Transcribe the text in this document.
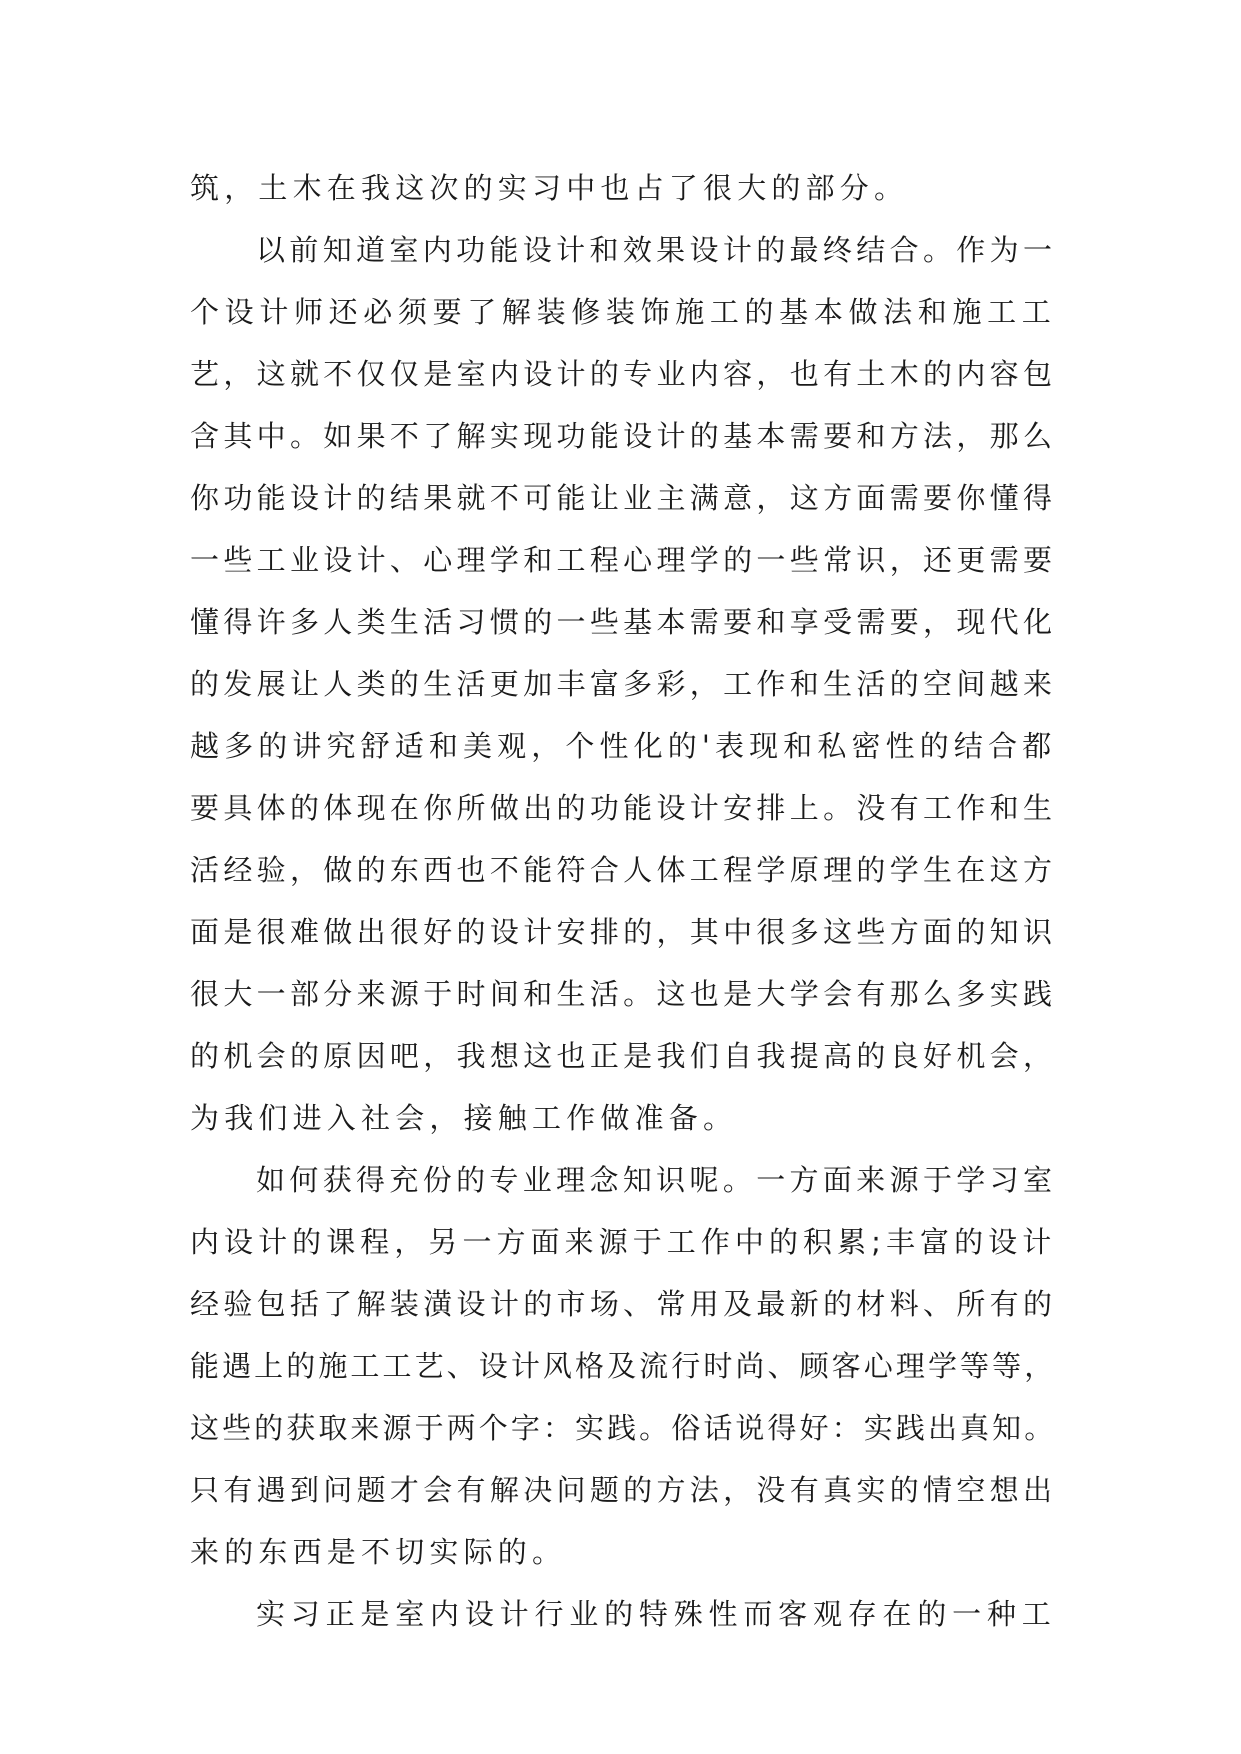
筑，土木在我这次的实习中也占了很大的部分。
以前知道室内功能设计和效果设计的最终结合。作为一
个设计师还必须要了解装修装饰施工的基本做法和施工工
艺，这就不仅仅是室内设计的专业内容，也有土木的内容包
含其中。如果不了解实现功能设计的基本需要和方法，那么
你功能设计的结果就不可能让业主满意，这方面需要你懂得
一些工业设计、心理学和工程心理学的一些常识，还更需要
懂得许多人类生活习惯的一些基本需要和享受需要，现代化
的发展让人类的生活更加丰富多彩，工作和生活的空间越来
越多的讲究舒适和美观，个性化的'表现和私密性的结合都
要具体的体现在你所做出的功能设计安排上。没有工作和生
活经验，做的东西也不能符合人体工程学原理的学生在这方
面是很难做出很好的设计安排的，其中很多这些方面的知识
很大一部分来源于时间和生活。这也是大学会有那么多实践
的机会的原因吧，我想这也正是我们自我提高的良好机会，
为我们进入社会，接触工作做准备。
如何获得充份的专业理念知识呢。一方面来源于学习室
内设计的课程，另一方面来源于工作中的积累;丰富的设计
经验包括了解装潢设计的市场、常用及最新的材料、所有的
能遇上的施工工艺、设计风格及流行时尚、顾客心理学等等，
这些的获取来源于两个字：实践。俗话说得好：实践出真知。
只有遇到问题才会有解决问题的方法，没有真实的情空想出
来的东西是不切实际的。
实习正是室内设计行业的特殊性而客观存在的一种工
